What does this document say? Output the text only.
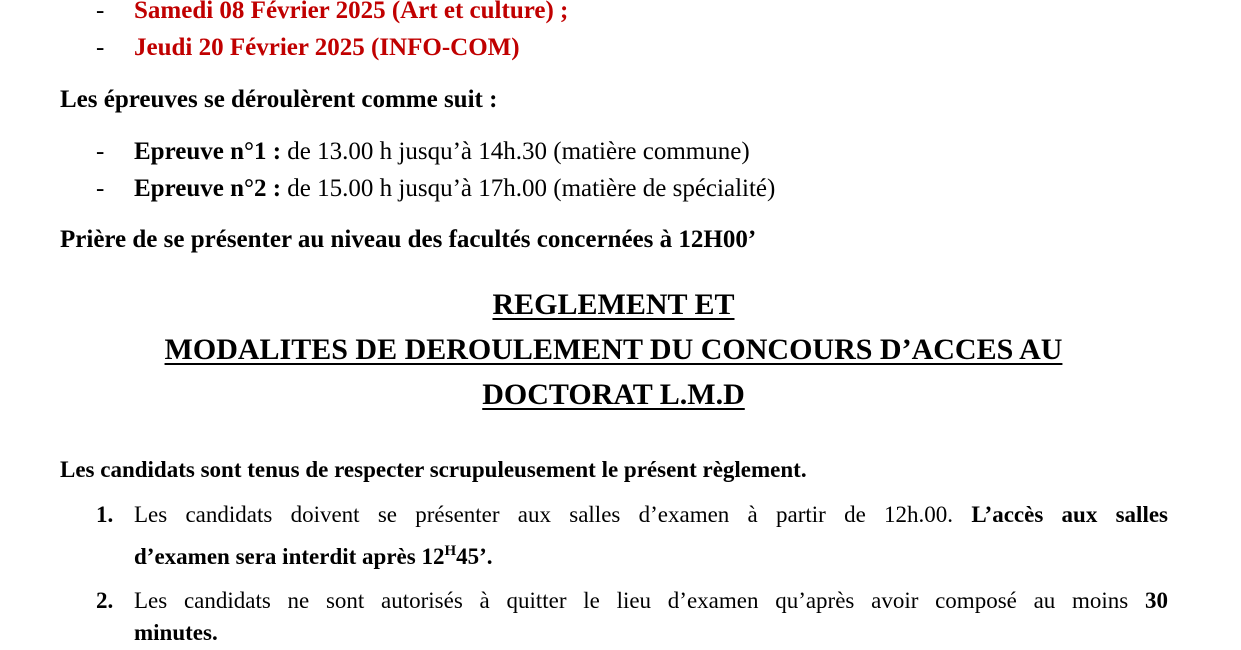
- Samedi 08 Février 2025 (Art et culture) ;
- Jeudi 20 Février 2025 (INFO-COM)
Les épreuves se déroulèrent comme suit :
- Epreuve n°1 : de 13.00 h jusqu’à 14h.30 (matière commune)
- Epreuve n°2 : de 15.00 h jusqu’à 17h.00 (matière de spécialité)
Prière de se présenter au niveau des facultés concernées à 12H00’
REGLEMENT ET
MODALITES DE DEROULEMENT DU CONCOURS D’ACCES AU
DOCTORAT L.M.D
Les candidats sont tenus de respecter scrupuleusement le présent règlement.
1. Les candidats doivent se présenter aux salles d’examen à partir de 12h.00. L’accès aux salles
d’examen sera interdit après $12^H45$’.
2. Les candidats ne sont autorisés à quitter le lieu d’examen qu’après avoir composé au moins 30
minutes.
